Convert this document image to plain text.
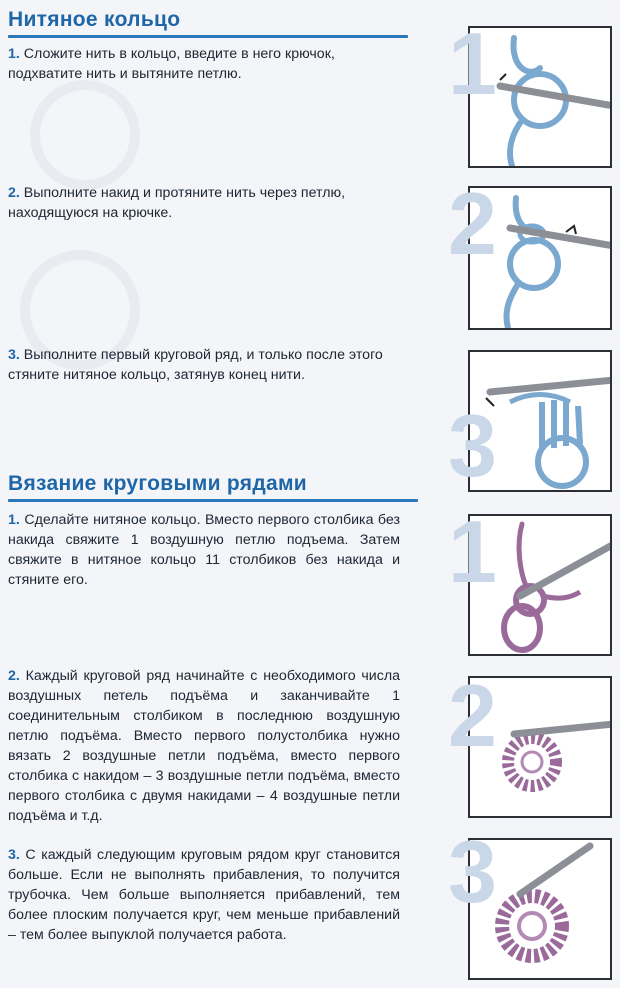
Нитяное кольцо
1. Сложите нить в кольцо, введите в него крючок, подхватите нить и вытяните петлю.
2. Выполните накид и протяните нить через петлю, находящуюся на крючке.
3. Выполните первый круговой ряд, и только после этого стяните нитяное кольцо, затянув конец нити.
Вязание круговыми рядами
1. Сделайте нитяное кольцо. Вместо первого столбика без накида свяжите 1 воздушную петлю подъема. Затем свяжите в нитяное кольцо 11 столбиков без накида и стяните его.
2. Каждый круговой ряд начинайте с необходимого числа воздушных петель подъёма и заканчивайте 1 соединительным столбиком в последнюю воздушную петлю подъёма. Вместо первого полустолбика нужно вязать 2 воздушные петли подъёма, вместо первого столбика с накидом – 3 воздушные петли подъёма, вместо первого столбика с двумя накидами – 4 воздушные петли подъёма и т.д.
3. С каждый следующим круговым рядом круг становится больше. Если не выполнять прибавления, то получится трубочка. Чем больше выполняется прибавлений, тем более плоским получается круг, чем меньше прибавлений – тем более выпуклой получается работа.
1
2
3
1
2
3
